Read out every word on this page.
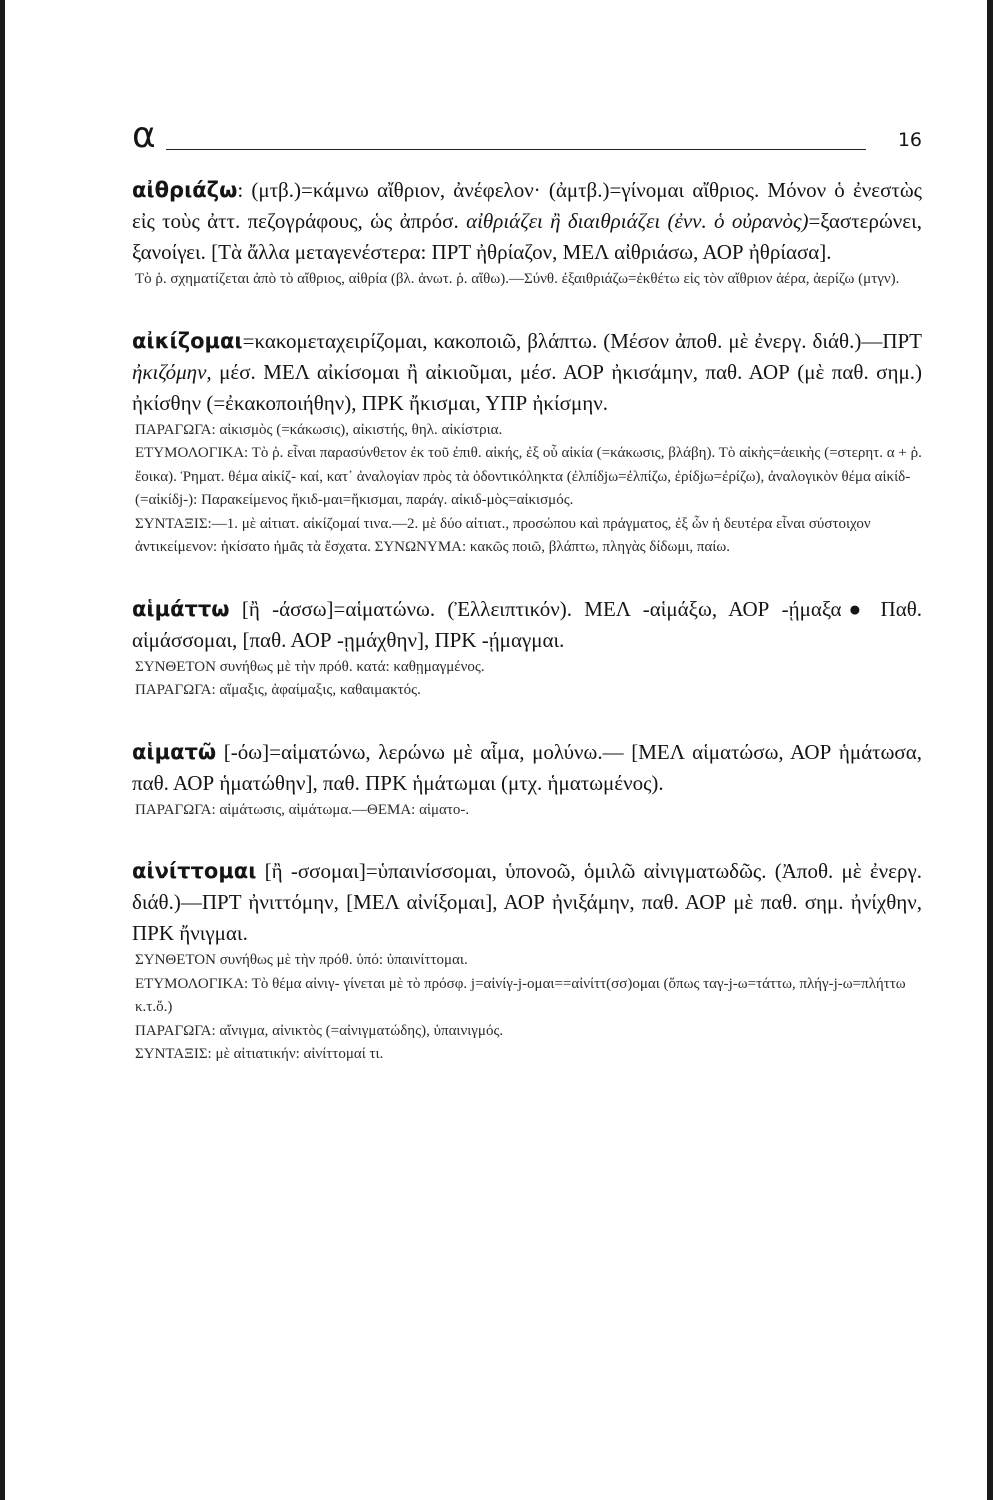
α	16

αἰθριάζω: (μτβ.)=κάμνω αἴθριον, ἀνέφελον· (ἀμτβ.)=γίνομαι αἴθριος. Μόνον ὁ ἐνεστὼς εἰς τοὺς ἀττ. πεζογράφους, ὡς ἀπρόσ. αἰθριάζει ἢ διαιθριάζει (ἐνν. ὁ οὐρανὸς)=ξαστερώνει, ξανοίγει. [Τὰ ἄλλα μεταγενέστερα: ΠΡΤ ἠθρίαζον, ΜΕΛ αἰθριάσω, ΑΟΡ ἠθρίασα].

Τὸ ῥ. σχηματίζεται ἀπὸ τὸ αἴθριος, αἰθρία (βλ. ἀνωτ. ῥ. αἴθω).—Σύνθ. ἐξαιθριάζω=ἐκθέτω εἰς τὸν αἴθριον ἀέρα, ἀερίζω (μτγν).

αἰκίζομαι=κακομεταχειρίζομαι, κακοποιῶ, βλάπτω. (Μέσον ἀποθ. μὲ ἐνεργ. διάθ.)—ΠΡΤ ἠκιζόμην, μέσ. ΜΕΛ αἰκίσομαι ἢ αἰκιοῦμαι, μέσ. ΑΟΡ ἠκισάμην, παθ. ΑΟΡ (μὲ παθ. σημ.) ἠκίσθην (=ἐκακοποιήθην), ΠΡΚ ἤκισμαι, ΥΠΡ ἠκίσμην.

ΠΑΡΑΓΩΓΑ: αἰκισμὸς (=κάκωσις), αἰκιστής, θηλ. αἰκίστρια.

ΕΤΥΜΟΛΟΓΙΚΑ: Τὸ ῥ. εἶναι παρασύνθετον ἐκ τοῦ ἐπιθ. αἰκής, ἐξ οὗ αἰκία (=κάκωσις, βλάβη). Τὸ αἰκὴς=ἀεικὴς (=στερητ. α + ῥ. ἔοικα). Ῥηματ. θέμα αἰκίζ- καί, κατ᾽ ἀναλογίαν πρὸς τὰ ὀδοντικόληκτα (ἐλπίδjω=ἐλπίζω, ἐρίδjω=ἐρίζω), ἀναλογικὸν θέμα αἰκίδ- (=αἰκίδj-): Παρακείμενος ἤκιδ-μαι=ἤκισμαι, παράγ. αἰκιδ-μὸς=αἰκισμός.

ΣΥΝΤΑΞΙΣ:—1. μὲ αἰτιατ. αἰκίζομαί τινα.—2. μὲ δύο αἰτιατ., προσώπου καὶ πράγματος, ἐξ ὧν ἡ δευτέρα εἶναι σύστοιχον ἀντικείμενον: ἠκίσατο ἡμᾶς τὰ ἔσχατα. ΣΥΝΩΝΥΜΑ: κακῶς ποιῶ, βλάπτω, πληγὰς δίδωμι, παίω.

αἱμάττω [ἢ -άσσω]=αἱματώνω. (Ἐλλειπτικόν). ΜΕΛ -αἱμάξω, ΑΟΡ -ῄμαξα● Παθ. αἱμάσσομαι, [παθ. ΑΟΡ -ῃμάχθην], ΠΡΚ -ῄμαγμαι.

ΣΥΝΘΕΤΟΝ συνήθως μὲ τὴν πρόθ. κατά: καθῃμαγμένος.

ΠΑΡΑΓΩΓΑ: αἵμαξις, ἀφαίμαξις, καθαιμακτός.

αἱματῶ [-όω]=αἱματώνω, λερώνω μὲ αἷμα, μολύνω.— [ΜΕΛ αἱματώσω, ΑΟΡ ἡμάτωσα, παθ. ΑΟΡ ἡματώθην], παθ. ΠΡΚ ἡμάτωμαι (μτχ. ἡματωμένος).

ΠΑΡΑΓΩΓΑ: αἱμάτωσις, αἱμάτωμα.—ΘΕΜΑ: αἱματο-.

αἰνίττομαι [ἢ -σσομαι]=ὑπαινίσσομαι, ὑπονοῶ, ὁμιλῶ αἰνιγματωδῶς. (Ἀποθ. μὲ ἐνεργ. διάθ.)—ΠΡΤ ἠνιττόμην, [ΜΕΛ αἰνίξομαι], ΑΟΡ ἠνιξάμην, παθ. ΑΟΡ μὲ παθ. σημ. ἠνίχθην, ΠΡΚ ἤνιγμαι.

ΣΥΝΘΕΤΟΝ συνήθως μὲ τὴν πρόθ. ὑπό: ὑπαινίττομαι.

ΕΤΥΜΟΛΟΓΙΚΑ: Τὸ θέμα αἰνιγ- γίνεται μὲ τὸ πρόσφ. j=αἰνίγ-j-ομαι==αἰνίττ(σσ)ομαι (ὅπως ταγ-j-ω=τάττω, πλήγ-j-ω=πλήττω κ.τ.ὅ.)

ΠΑΡΑΓΩΓΑ: αἴνιγμα, αἰνικτὸς (=αἰνιγματώδης), ὑπαινιγμός.

ΣΥΝΤΑΞΙΣ: μὲ αἰτιατικήν: αἰνίττομαί τι.
